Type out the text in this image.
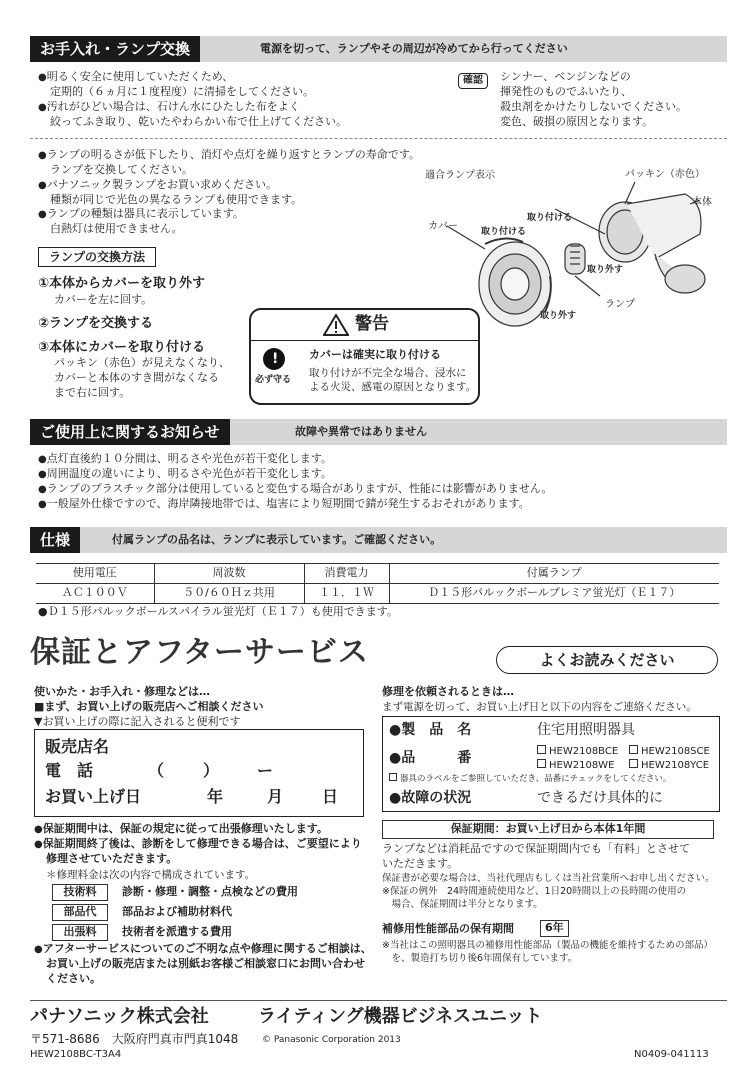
お手入れ・ランプ交換	電源を切って、ランプやその周辺が冷めてから行ってください
● 明るく安全に使用していただくため、
定期的（６ヵ月に１度程度）に清掃をしてください。
● 汚れがひどい場合は、石けん水にひたした布をよく
絞ってふき取り、乾いたやわらかい布で仕上げてください。
確認	シンナー、ベンジンなどの
揮発性のものでふいたり、
殺虫剤をかけたりしないでください。
変色、破損の原因となります。
● ランプの明るさが低下したり、消灯や点灯を繰り返すとランプの寿命です。
ランプを交換してください。
● パナソニック製ランプをお買い求めください。
種類が同じで光色の異なるランプも使用できます。
● ランプの種類は器具に表示しています。
白熱灯は使用できません。
ランプの交換方法
①本体からカバーを取り外す
カバーを左に回す。
②ランプを交換する
③本体にカバーを取り付ける
パッキン（赤色）が見えなくなり、
カバーと本体のすき間がなくなる
まで右に回す。
警告
!
必ず守る
カバーは確実に取り付ける
取り付けが不完全な場合、浸水に
よる火災、感電の原因となります。
適合ランプ表示	パッキン（赤色）
本体
取り付ける
カバー	取り付ける
取り外す
ランプ
取り外す
ご使用上に関するお知らせ	故障や異常ではありません
● 点灯直後約１０分間は、明るさや光色が若干変化します。
● 周囲温度の違いにより、明るさや光色が若干変化します。
● ランプのプラスチック部分は使用していると変色する場合がありますが、性能には影響がありません。
● 一般屋外仕様ですので、海岸隣接地帯では、塩害により短期間で錆が発生するおそれがあります。
仕様	付属ランプの品名は、ランプに表示しています。ご確認ください。
使用電圧	周波数	消費電力	付属ランプ
ＡＣ１００Ｖ	５０/６０Ｈｚ共用	１１．１Ｗ	Ｄ１５形パルックボールプレミア蛍光灯（Ｅ１７）
●Ｄ１５形パルックボールスパイラル蛍光灯（Ｅ１７）も使用できます。
保証とアフターサービス	よくお読みください
使いかた・お手入れ・修理などは…
■まず、お買い上げの販売店へご相談ください
▼お買い上げの際に記入されると便利です
販売店名
電　話	（ ） ー
お買い上げ日	年	月 日
● 保証期間中は、保証の規定に従って出張修理いたします。
● 保証期間終了後は、診断をして修理できる場合は、ご要望により
修理させていただきます。
＊修理料金は次の内容で構成されています。
技術料	診断・修理・調整・点検などの費用
部品代	部品および補助材料代
出張料	技術者を派遣する費用
● アフターサービスについてのご不明な点や修理に関するご相談は、
お買い上げの販売店または別紙お客様ご相談窓口にお問い合わせ
ください。
修理を依頼されるときは…
まず電源を切って、お買い上げ日と以下の内容をご連絡ください。
●製　品　名	住宅用照明器具
●品　　　番	HEW2108BCE	HEW2108SCE
HEW2108WE	HEW2108YCE
器具のラベルをご参照していただき、品番にチェックをしてください。
●故障の状況	できるだけ具体的に
保証期間：お買い上げ日から本体1年間
ランプなどは消耗品ですので保証期間内でも「有料」とさせて
いただきます。
保証書が必要な場合は、当社代理店もしくは当社営業所へお申し出ください。
※保証の例外　24時間連続使用など、1日20時間以上の長時間の使用の
　場合、保証期間は半分となります。
補修用性能部品の保有期間	6年
※当社はこの照明器具の補修用性能部品（製品の機能を維持するための部品）
　を、製造打ち切り後6年間保有しています。
パナソニック株式会社	ライティング機器ビジネスユニット
〒571-8686　大阪府門真市門真1048	© Panasonic Corporation 2013
HEW2108BC-T3A4	N0409-041113
